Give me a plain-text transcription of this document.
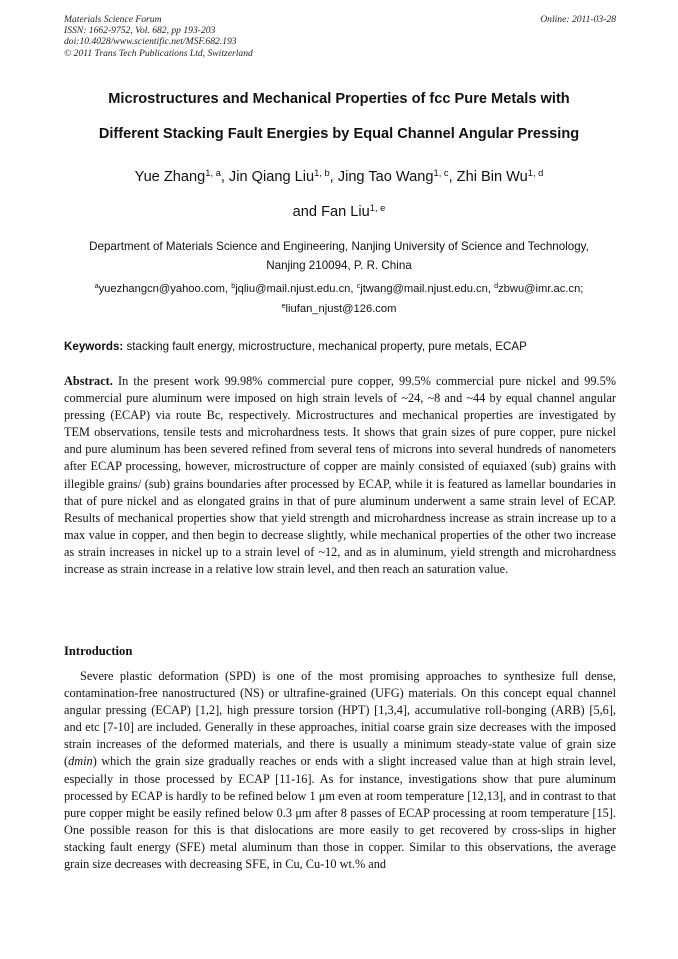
Materials Science Forum
ISSN: 1662-9752, Vol. 682, pp 193-203
doi:10.4028/www.scientific.net/MSF.682.193
© 2011 Trans Tech Publications Ltd, Switzerland
Online: 2011-03-28
Microstructures and Mechanical Properties of fcc Pure Metals with
Different Stacking Fault Energies by Equal Channel Angular Pressing
Yue Zhang$^{1, a}$, Jin Qiang Liu$^{1, b}$, Jing Tao Wang$^{1, c}$, Zhi Bin Wu$^{1, d}$
and Fan Liu$^{1, e}$
Department of Materials Science and Engineering, Nanjing University of Science and Technology,
Nanjing 210094, P. R. China
$^a$yuezhangcn@yahoo.com, $^b$jqliu@mail.njust.edu.cn, $^c$jtwang@mail.njust.edu.cn, $^d$zbwu@imr.ac.cn;
$^e$liufan_njust@126.com
Keywords: stacking fault energy, microstructure, mechanical property, pure metals, ECAP
Abstract. In the present work 99.98% commercial pure copper, 99.5% commercial pure nickel and 99.5% commercial pure aluminum were imposed on high strain levels of ~24, ~8 and ~44 by equal channel angular pressing (ECAP) via route Bc, respectively. Microstructures and mechanical properties are investigated by TEM observations, tensile tests and microhardness tests. It shows that grain sizes of pure copper, pure nickel and pure aluminum has been severed refined from several tens of microns into several hundreds of nanometers after ECAP processing, however, microstructure of copper are mainly consisted of equiaxed (sub) grains with illegible grains/ (sub) grains boundaries after processed by ECAP, while it is featured as lamellar boundaries in that of pure nickel and as elongated grains in that of pure aluminum underwent a same strain level of ECAP. Results of mechanical properties show that yield strength and microhardness increase as strain increase up to a max value in copper, and then begin to decrease slightly, while mechanical properties of the other two increase as strain increases in nickel up to a strain level of ~12, and as in aluminum, yield strength and microhardness increase as strain increase in a relative low strain level, and then reach an saturation value.
Introduction
Severe plastic deformation (SPD) is one of the most promising approaches to synthesize full dense, contamination-free nanostructured (NS) or ultrafine-grained (UFG) materials. On this concept equal channel angular pressing (ECAP) [1,2], high pressure torsion (HPT) [1,3,4], accumulative roll-bonging (ARB) [5,6], and etc [7-10] are included. Generally in these approaches, initial coarse grain size decreases with the imposed strain increases of the deformed materials, and there is usually a minimum steady-state value of grain size (dmin) which the grain size gradually reaches or ends with a slight increased value than at high strain level, especially in those processed by ECAP [11-16]. As for instance, investigations show that pure aluminum processed by ECAP is hardly to be refined below 1 μm even at room temperature [12,13], and in contrast to that pure copper might be easily refined below 0.3 μm after 8 passes of ECAP processing at room temperature [15]. One possible reason for this is that dislocations are more easily to get recovered by cross-slips in higher stacking fault energy (SFE) metal aluminum than those in copper. Similar to this observations, the average grain size decreases with decreasing SFE, in Cu, Cu-10 wt.% and
